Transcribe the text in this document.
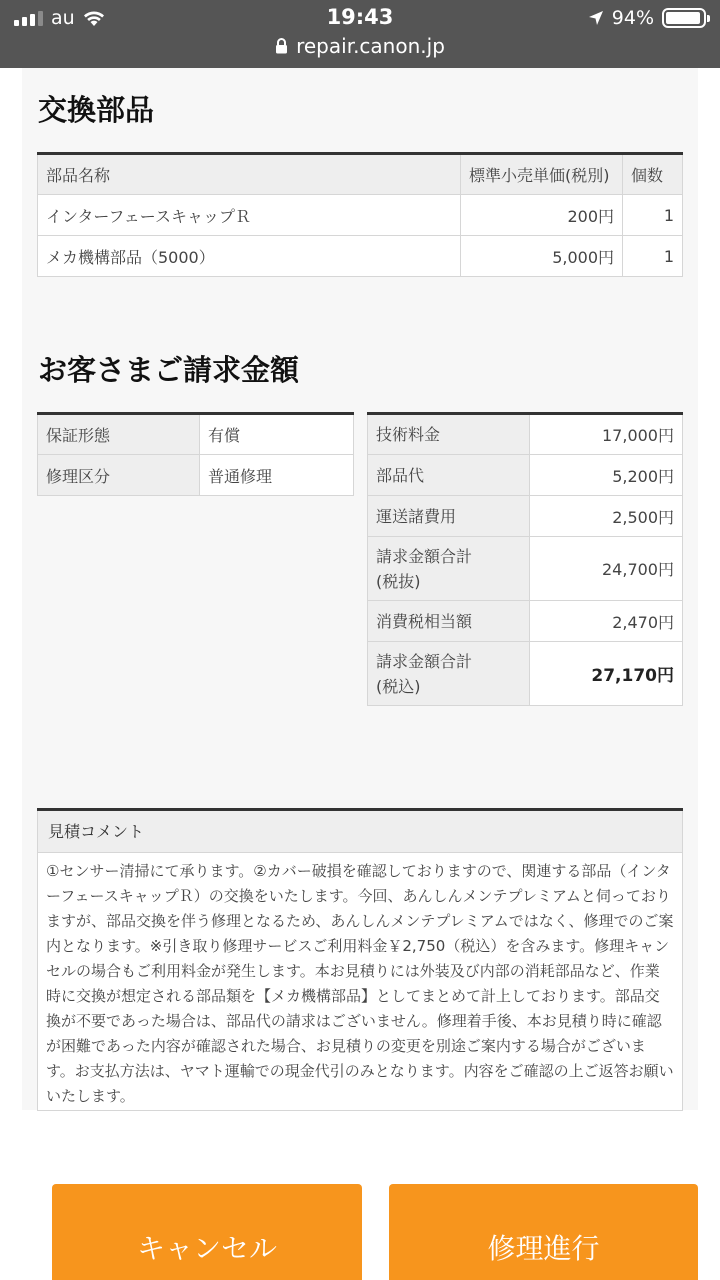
au	19:43	94%
repair.canon.jp
交換部品
部品名称	標準小売単価(税別)	個数
インターフェースキャップＲ	200円	1
メカ機構部品（5000）	5,000円	1
お客さまご請求金額
保証形態	有償
修理区分	普通修理
技術料金	17,000円
部品代	5,200円
運送諸費用	2,500円
請求金額合計
(税抜)	24,700円
消費税相当額	2,470円
請求金額合計
(税込)	27,170円
見積コメント
①センサー清掃にて承ります。②カバー破損を確認しておりますので、関連する部品（インターフェースキャップＲ）の交換をいたします。今回、あんしんメンテプレミアムと伺っておりますが、部品交換を伴う修理となるため、あんしんメンテプレミアムではなく、修理でのご案内となります。※引き取り修理サービスご利用料金￥2,750（税込）を含みます。修理キャンセルの場合もご利用料金が発生します。本お見積りには外装及び内部の消耗部品など、作業時に交換が想定される部品類を【メカ機構部品】としてまとめて計上しております。部品交換が不要であった場合は、部品代の請求はございません。修理着手後、本お見積り時に確認が困難であった内容が確認された場合、お見積りの変更を別途ご案内する場合がございます。お支払方法は、ヤマト運輸での現金代引のみとなります。内容をご確認の上ご返答お願いいたします。
キャンセル	修理進行
